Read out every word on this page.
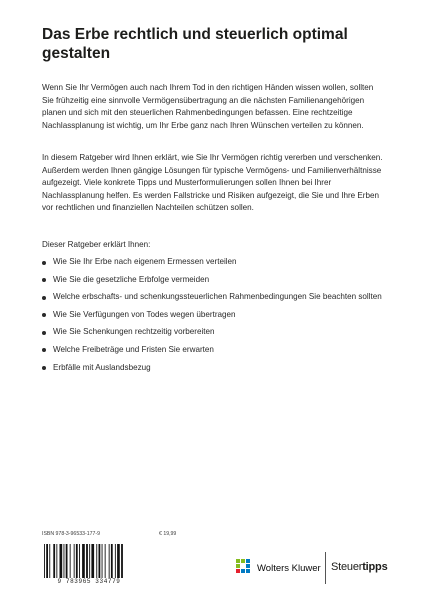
Das Erbe rechtlich und steuerlich optimal gestalten
Wenn Sie Ihr Vermögen auch nach Ihrem Tod in den richtigen Händen wissen wollen, sollten Sie frühzeitig eine sinnvolle Vermögensübertragung an die nächsten Familienangehörigen planen und sich mit den steuerlichen Rahmenbedingungen befassen. Eine rechtzeitige Nachlassplanung ist wichtig, um Ihr Erbe ganz nach Ihren Wünschen verteilen zu können.
In diesem Ratgeber wird Ihnen erklärt, wie Sie Ihr Vermögen richtig vererben und verschenken. Außerdem werden Ihnen gängige Lösungen für typische Vermögens- und Familienverhältnisse aufgezeigt. Viele konkrete Tipps und Musterformulierungen sollen Ihnen bei Ihrer Nachlassplanung helfen. Es werden Fallstricke und Risiken aufgezeigt, die Sie und Ihre Erben vor rechtlichen und finanziellen Nachteilen schützen sollen.
Dieser Ratgeber erklärt Ihnen:
Wie Sie Ihr Erbe nach eigenem Ermessen verteilen
Wie Sie die gesetzliche Erbfolge vermeiden
Welche erbschafts- und schenkungssteuerlichen Rahmenbedingungen Sie beachten sollten
Wie Sie Verfügungen von Todes wegen übertragen
Wie Sie Schenkungen rechtzeitig vorbereiten
Welche Freibeträge und Fristen Sie erwarten
Erbfälle mit Auslandsbezug
ISBN 978-3-96533-177-9	€ 19,99
9 783965 334779
Wolters Kluwer Steuertipps
